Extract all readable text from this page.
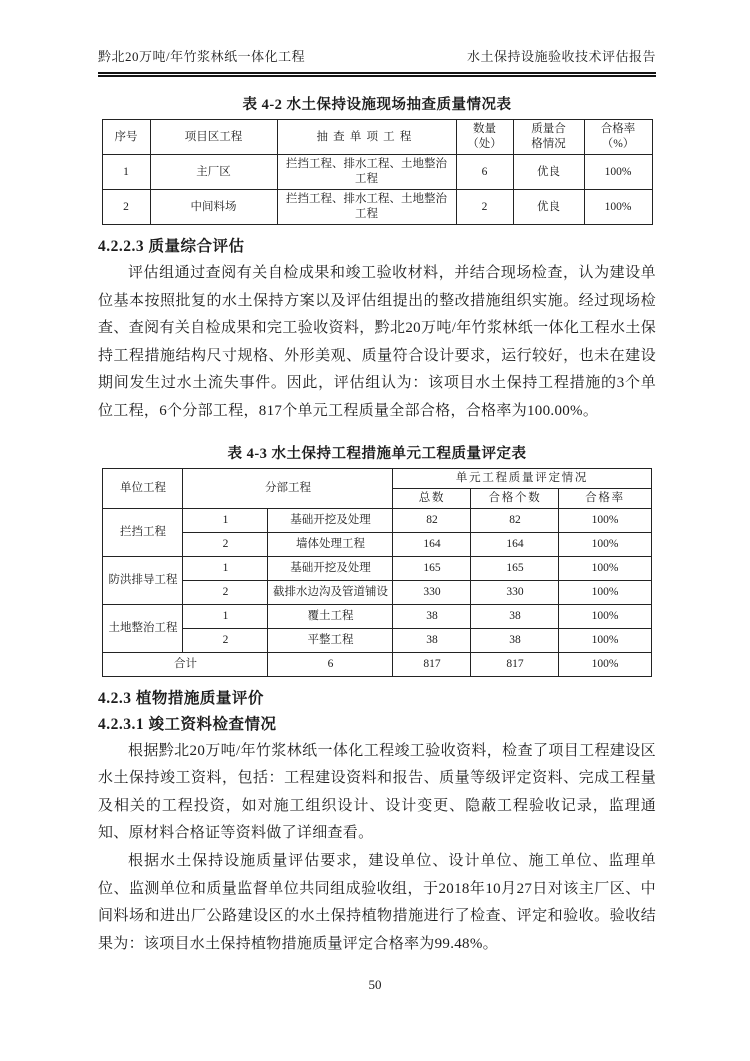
黔北20万吨/年竹浆林纸一体化工程	水土保持设施验收技术评估报告
表 4-2 水土保持设施现场抽查质量情况表
序号	项目区工程	抽查单项工程	数量（处）	质量合格情况	合格率（%）
1	主厂区	拦挡工程、排水工程、土地整治工程	6	优良	100%
2	中间料场	拦挡工程、排水工程、土地整治工程	2	优良	100%
4.2.2.3 质量综合评估
评估组通过查阅有关自检成果和竣工验收材料，并结合现场检查，认为建设单位基本按照批复的水土保持方案以及评估组提出的整改措施组织实施。经过现场检查、查阅有关自检成果和完工验收资料，黔北20万吨/年竹浆林纸一体化工程水土保持工程措施结构尺寸规格、外形美观、质量符合设计要求，运行较好，也未在建设期间发生过水土流失事件。因此，评估组认为：该项目水土保持工程措施的3个单位工程，6个分部工程，817个单元工程质量全部合格，合格率为100.00%。
表 4-3 水土保持工程措施单元工程质量评定表
单位工程	分部工程		单元工程质量评定情况		
			总数	合格个数	合格率
拦挡工程	1	基础开挖及处理	82	82	100%
	2	墙体处理工程	164	164	100%
防洪排导工程	1	基础开挖及处理	165	165	100%
	2	截排水边沟及管道铺设	330	330	100%
土地整治工程	1	覆土工程	38	38	100%
	2	平整工程	38	38	100%
合计		6	817	817	100%
4.2.3 植物措施质量评价
4.2.3.1 竣工资料检查情况
根据黔北20万吨/年竹浆林纸一体化工程竣工验收资料，检查了项目工程建设区水土保持竣工资料，包括：工程建设资料和报告、质量等级评定资料、完成工程量及相关的工程投资，如对施工组织设计、设计变更、隐蔽工程验收记录，监理通知、原材料合格证等资料做了详细查看。
根据水土保持设施质量评估要求，建设单位、设计单位、施工单位、监理单位、监测单位和质量监督单位共同组成验收组，于2018年10月27日对该主厂区、中间料场和进出厂公路建设区的水土保持植物措施进行了检查、评定和验收。验收结果为：该项目水土保持植物措施质量评定合格率为99.48%。
50
